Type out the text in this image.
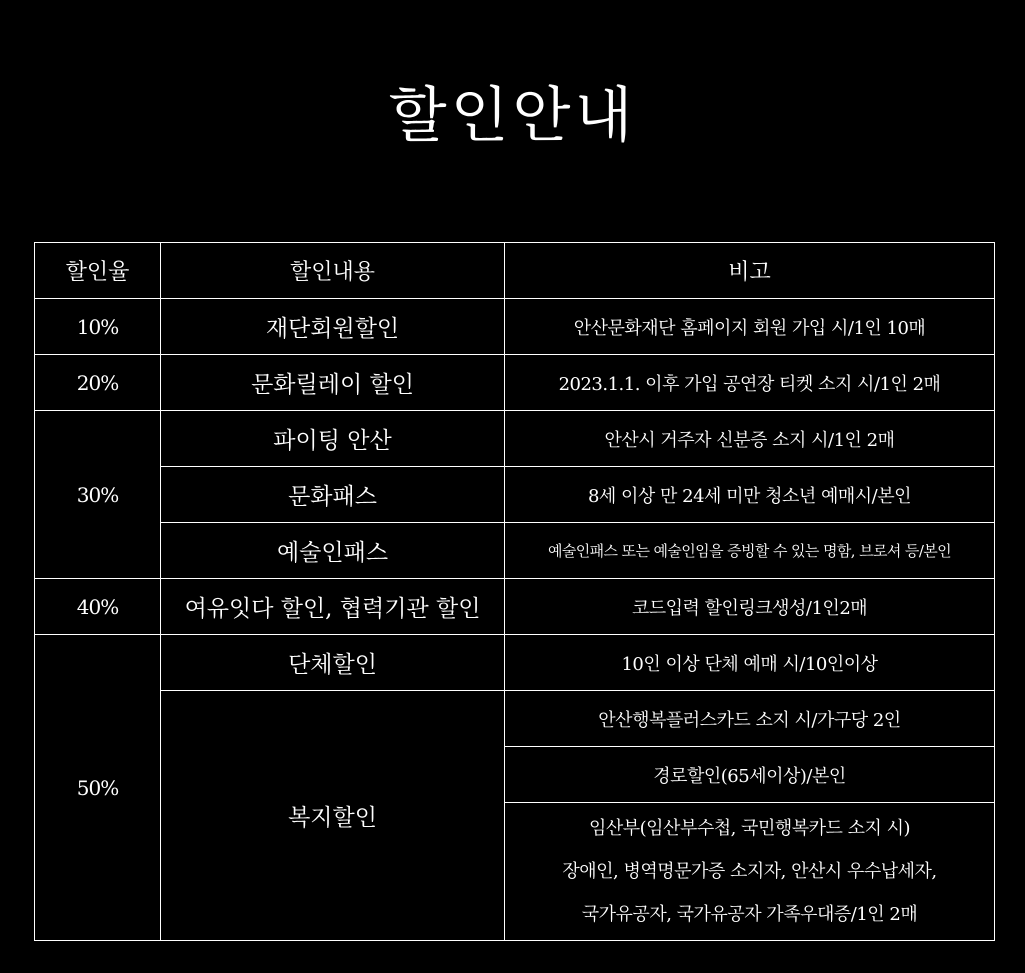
할인안내
할인율	할인내용	비고
10%	재단회원할인	안산문화재단 홈페이지 회원 가입 시/1인 10매
20%	문화릴레이 할인	2023.1.1. 이후 가입 공연장 티켓 소지 시/1인 2매
30%	파이팅 안산	안산시 거주자 신분증 소지 시/1인 2매
	문화패스	8세 이상 만 24세 미만 청소년 예매시/본인
	예술인패스	예술인패스 또는 예술인임을 증빙할 수 있는 명함, 브로셔 등/본인
40%	여유잇다 할인, 협력기관 할인	코드입력 할인링크생성/1인2매
50%	단체할인	10인 이상 단체 예매 시/10인이상
	복지할인	안산행복플러스카드 소지 시/가구당 2인
		경로할인(65세이상)/본인

		임산부(임산부수첩, 국민행복카드 소지 시)
장애인, 병역명문가증 소지자, 안산시 우수납세자,
국가유공자, 국가유공자 가족우대증/1인 2매
